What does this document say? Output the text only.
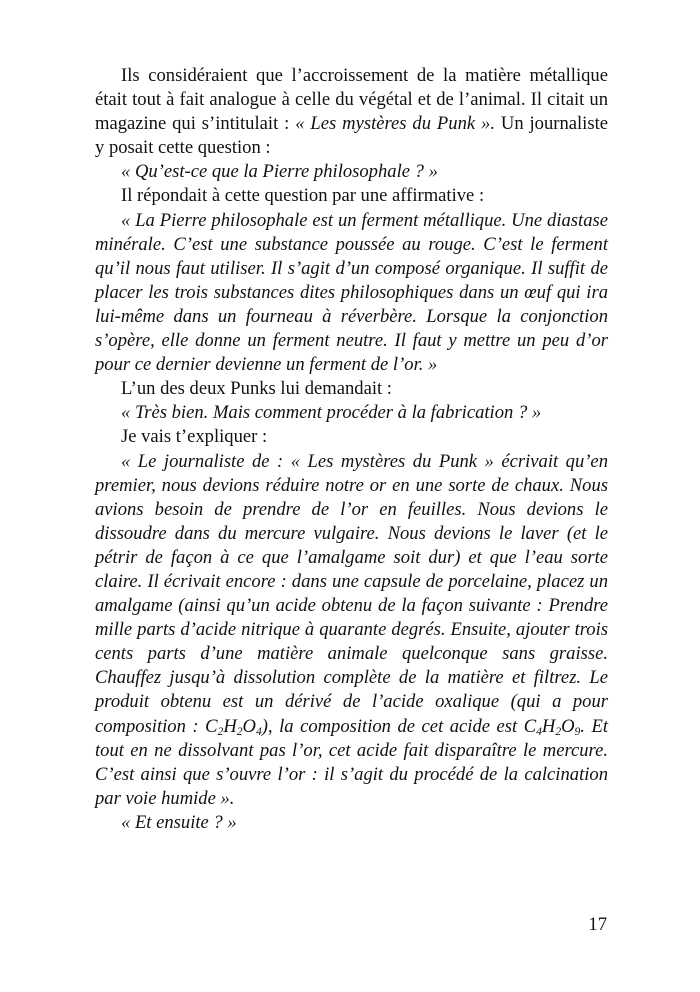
Ils considéraient que l’accroissement de la matière métallique était tout à fait analogue à celle du végétal et de l’animal. Il citait un magazine qui s’intitulait : « Les mystères du Punk ». Un journaliste y posait cette question :

« Qu’est-ce que la Pierre philosophale ? »

Il répondait à cette question par une affirmative :

« La Pierre philosophale est un ferment métallique. Une diastase minérale. C’est une substance poussée au rouge. C’est le ferment qu’il nous faut utiliser. Il s’agit d’un composé organique. Il suffit de placer les trois substances dites philosophiques dans un œuf qui ira lui-même dans un fourneau à réverbère. Lorsque la conjonction s’opère, elle donne un ferment neutre. Il faut y mettre un peu d’or pour ce dernier devienne un ferment de l’or. »

L’un des deux Punks lui demandait :

« Très bien. Mais comment procéder à la fabrication ? »

Je vais t’expliquer :

« Le journaliste de : « Les mystères du Punk » écrivait qu’en premier, nous devions réduire notre or en une sorte de chaux. Nous avions besoin de prendre de l’or en feuilles. Nous devions le dissoudre dans du mercure vulgaire. Nous devions le laver (et le pétrir de façon à ce que l’amalgame soit dur) et que l’eau sorte claire. Il écrivait encore : dans une capsule de porcelaine, placez un amalgame (ainsi qu’un acide obtenu de la façon suivante : Prendre mille parts d’acide nitrique à quarante degrés. Ensuite, ajouter trois cents parts d’une matière animale quelconque sans graisse. Chauffez jusqu’à dissolution complète de la matière et filtrez. Le produit obtenu est un dérivé de l’acide oxalique (qui a pour composition : $C_2H_2O_4$), la composition de cet acide est $C_4H_2O_9$. Et tout en ne dissolvant pas l’or, cet acide fait disparaître le mercure. C’est ainsi que s’ouvre l’or : il s’agit du procédé de la calcination par voie humide ».

« Et ensuite ? »

17
